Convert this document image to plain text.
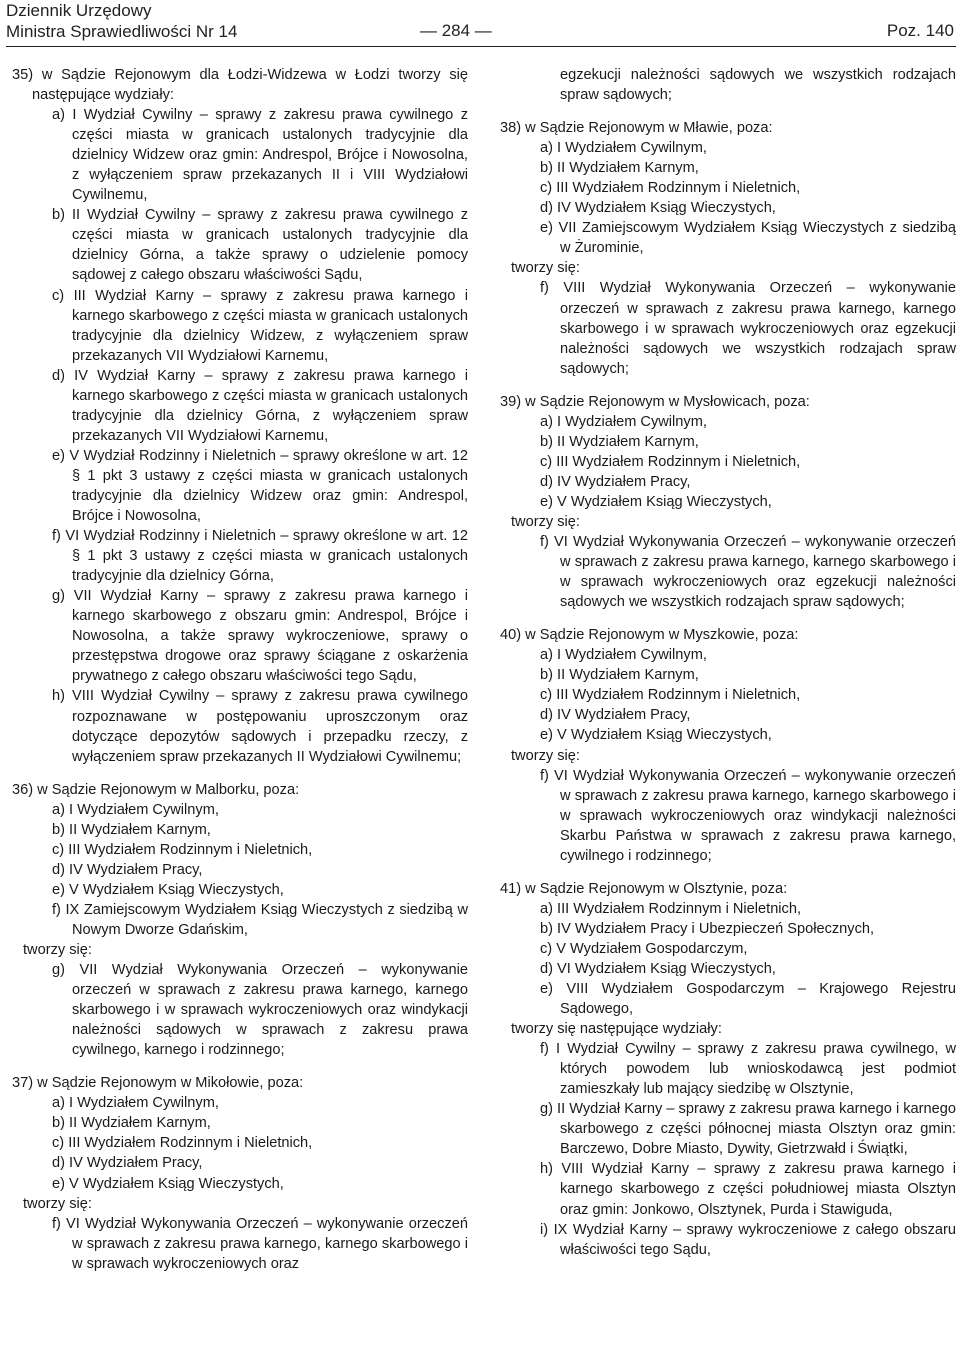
Dziennik Urzędowy
Ministra Sprawiedliwości Nr 14	— 284 —	Poz. 140
35) w Sądzie Rejonowym dla Łodzi-Widzewa w Łodzi tworzy się następujące wydziały:
a) I Wydział Cywilny – sprawy z zakresu prawa cywilnego z części miasta w granicach ustalonych tradycyjnie dla dzielnicy Widzew oraz gmin: Andrespol, Brójce i Nowosolna, z wyłączeniem spraw przekazanych II i VIII Wydziałowi Cywilnemu,
b) II Wydział Cywilny – sprawy z zakresu prawa cywilnego z części miasta w granicach ustalonych tradycyjnie dla dzielnicy Górna, a także sprawy o udzielenie pomocy sądowej z całego obszaru właściwości Sądu,
c) III Wydział Karny – sprawy z zakresu prawa karnego i karnego skarbowego z części miasta w granicach ustalonych tradycyjnie dla dzielnicy Widzew, z wyłączeniem spraw przekazanych VII Wydziałowi Karnemu,
d) IV Wydział Karny – sprawy z zakresu prawa karnego i karnego skarbowego z części miasta w granicach ustalonych tradycyjnie dla dzielnicy Górna, z wyłączeniem spraw przekazanych VII Wydziałowi Karnemu,
e) V Wydział Rodzinny i Nieletnich – sprawy określone w art. 12 § 1 pkt 3 ustawy z części miasta w granicach ustalonych tradycyjnie dla dzielnicy Widzew oraz gmin: Andrespol, Brójce i Nowosolna,
f) VI Wydział Rodzinny i Nieletnich – sprawy określone w art. 12 § 1 pkt 3 ustawy z części miasta w granicach ustalonych tradycyjnie dla dzielnicy Górna,
g) VII Wydział Karny – sprawy z zakresu prawa karnego i karnego skarbowego z obszaru gmin: Andrespol, Brójce i Nowosolna, a także sprawy wykroczeniowe, sprawy o przestępstwa drogowe oraz sprawy ściągane z oskarżenia prywatnego z całego obszaru właściwości tego Sądu,
h) VIII Wydział Cywilny – sprawy z zakresu prawa cywilnego rozpoznawane w postępowaniu uproszczonym oraz dotyczące depozytów sądowych i przepadku rzeczy, z wyłączeniem spraw przekazanych II Wydziałowi Cywilnemu;
36) w Sądzie Rejonowym w Malborku, poza:
a) I Wydziałem Cywilnym,
b) II Wydziałem Karnym,
c) III Wydziałem Rodzinnym i Nieletnich,
d) IV Wydziałem Pracy,
e) V Wydziałem Ksiąg Wieczystych,
f) IX Zamiejscowym Wydziałem Ksiąg Wieczystych z siedzibą w Nowym Dworze Gdańskim,
tworzy się:
g) VII Wydział Wykonywania Orzeczeń – wykonywanie orzeczeń w sprawach z zakresu prawa karnego, karnego skarbowego i w sprawach wykroczeniowych oraz windykacji należności sądowych w sprawach z zakresu prawa cywilnego, karnego i rodzinnego;
37) w Sądzie Rejonowym w Mikołowie, poza:
a) I Wydziałem Cywilnym,
b) II Wydziałem Karnym,
c) III Wydziałem Rodzinnym i Nieletnich,
d) IV Wydziałem Pracy,
e) V Wydziałem Ksiąg Wieczystych,
tworzy się:
f) VI Wydział Wykonywania Orzeczeń – wykonywanie orzeczeń w sprawach z zakresu prawa karnego, karnego skarbowego i w sprawach wykroczeniowych oraz
egzekucji należności sądowych we wszystkich rodzajach spraw sądowych;
38) w Sądzie Rejonowym w Mławie, poza:
a) I Wydziałem Cywilnym,
b) II Wydziałem Karnym,
c) III Wydziałem Rodzinnym i Nieletnich,
d) IV Wydziałem Ksiąg Wieczystych,
e) VII Zamiejscowym Wydziałem Ksiąg Wieczystych z siedzibą w Żurominie,
tworzy się:
f) VIII Wydział Wykonywania Orzeczeń – wykonywanie orzeczeń w sprawach z zakresu prawa karnego, karnego skarbowego i w sprawach wykroczeniowych oraz egzekucji należności sądowych we wszystkich rodzajach spraw sądowych;
39) w Sądzie Rejonowym w Mysłowicach, poza:
a) I Wydziałem Cywilnym,
b) II Wydziałem Karnym,
c) III Wydziałem Rodzinnym i Nieletnich,
d) IV Wydziałem Pracy,
e) V Wydziałem Ksiąg Wieczystych,
tworzy się:
f) VI Wydział Wykonywania Orzeczeń – wykonywanie orzeczeń w sprawach z zakresu prawa karnego, karnego skarbowego i w sprawach wykroczeniowych oraz egzekucji należności sądowych we wszystkich rodzajach spraw sądowych;
40) w Sądzie Rejonowym w Myszkowie, poza:
a) I Wydziałem Cywilnym,
b) II Wydziałem Karnym,
c) III Wydziałem Rodzinnym i Nieletnich,
d) IV Wydziałem Pracy,
e) V Wydziałem Ksiąg Wieczystych,
tworzy się:
f) VI Wydział Wykonywania Orzeczeń – wykonywanie orzeczeń w sprawach z zakresu prawa karnego, karnego skarbowego i w sprawach wykroczeniowych oraz windykacji należności Skarbu Państwa w sprawach z zakresu prawa karnego, cywilnego i rodzinnego;
41) w Sądzie Rejonowym w Olsztynie, poza:
a) III Wydziałem Rodzinnym i Nieletnich,
b) IV Wydziałem Pracy i Ubezpieczeń Społecznych,
c) V Wydziałem Gospodarczym,
d) VI Wydziałem Ksiąg Wieczystych,
e) VIII Wydziałem Gospodarczym – Krajowego Rejestru Sądowego,
tworzy się następujące wydziały:
f) I Wydział Cywilny – sprawy z zakresu prawa cywilnego, w których powodem lub wnioskodawcą jest podmiot zamieszkały lub mający siedzibę w Olsztynie,
g) II Wydział Karny – sprawy z zakresu prawa karnego i karnego skarbowego z części północnej miasta Olsztyn oraz gmin: Barczewo, Dobre Miasto, Dywity, Gietrzwałd i Świątki,
h) VIII Wydział Karny – sprawy z zakresu prawa karnego i karnego skarbowego z części południowej miasta Olsztyn oraz gmin: Jonkowo, Olsztynek, Purda i Stawiguda,
i) IX Wydział Karny – sprawy wykroczeniowe z całego obszaru właściwości tego Sądu,
